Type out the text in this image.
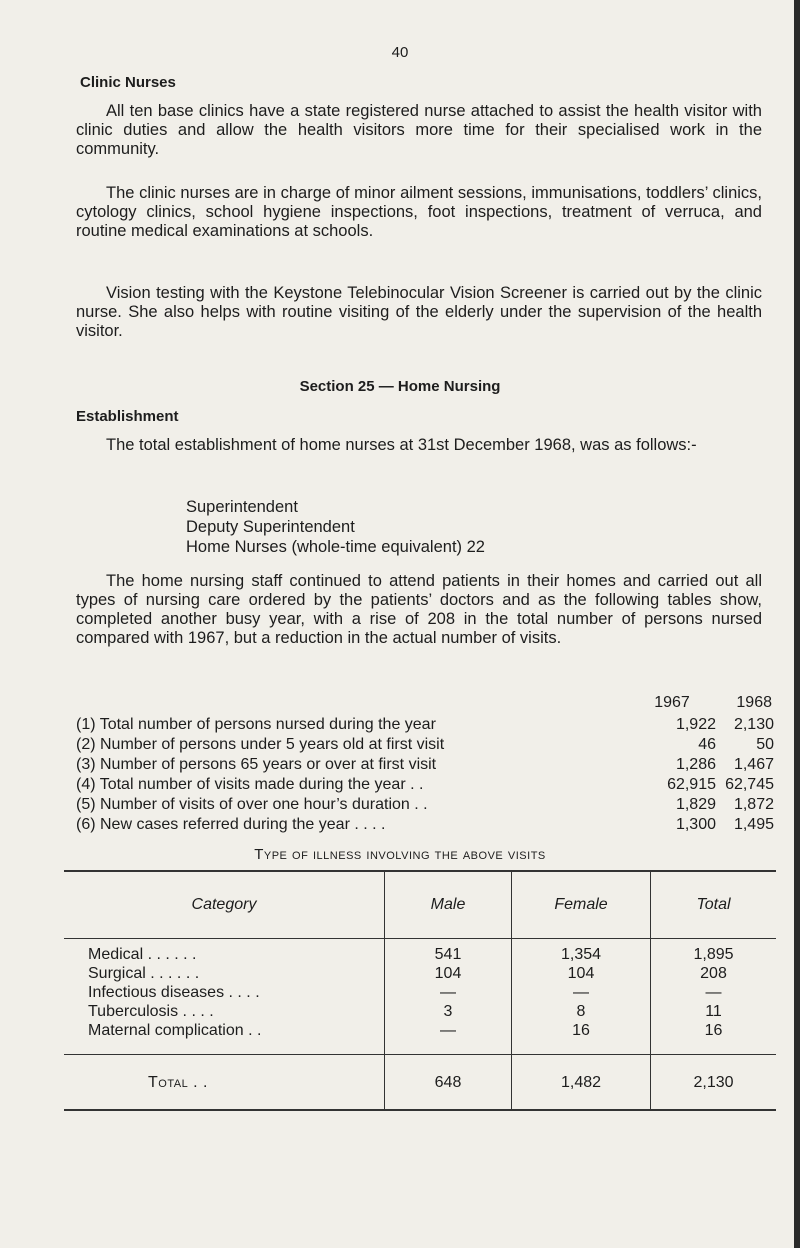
40
Clinic Nurses
All ten base clinics have a state registered nurse attached to assist the health visitor with clinic duties and allow the health visitors more time for their specialised work in the community.
The clinic nurses are in charge of minor ailment sessions, immunisations, toddlers’ clinics, cytology clinics, school hygiene inspections, foot inspections, treatment of verruca, and routine medical examinations at schools.
Vision testing with the Keystone Telebinocular Vision Screener is carried out by the clinic nurse. She also helps with routine visiting of the elderly under the supervision of the health visitor.
Section 25 — Home Nursing
Establishment
The total establishment of home nurses at 31st December 1968, was as follows:-
Superintendent
Deputy Superintendent
Home Nurses (whole-time equivalent) 22
The home nursing staff continued to attend patients in their homes and carried out all types of nursing care ordered by the patients’ doctors and as the following tables show, completed another busy year, with a rise of 208 in the total number of persons nursed compared with 1967, but a reduction in the actual number of visits.
1967	1968
(1) Total number of persons nursed during the year	1,922	2,130
(2) Number of persons under 5 years old at first visit	46	50
(3) Number of persons 65 years or over at first visit	1,286	1,467
(4) Total number of visits made during the year . .	62,915 62,745
(5) Number of visits of over one hour’s duration . .	1,829	1,872
(6) New cases referred during the year . . . .	1,300	1,495
Type of illness involving the above visits
Category	Male	Female	Total
Medical . . . . . .	541	1,354	1,895
Surgical . . . . . .	104	104	208
Infectious diseases . . . .	—	—	—
Tuberculosis . . . .	3	8	11
Maternal complication . .	—	16	16
Total . .	648	1,482	2,130
